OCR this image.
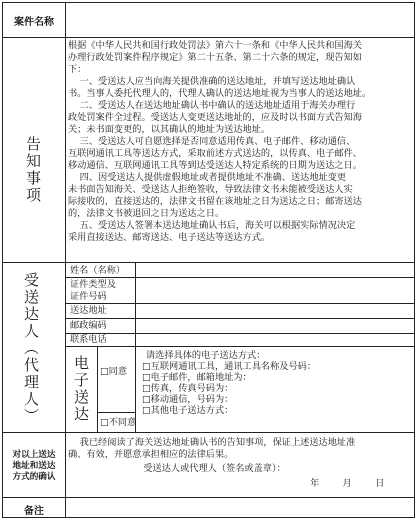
案件名称
告知事项
根据《中华人民共和国行政处罚法》第六十一条和《中华人民共和国海关
办理行政处罚案件程序规定》第二十五条、第二十六条的规定，现告知如
下：
一、受送达人应当向海关提供准确的送达地址，并填写送达地址确认
书。当事人委托代理人的，代理人确认的送达地址视为当事人的送达地址。
二、受送达人在送达地址确认书中确认的送达地址适用于海关办理行
政处罚案件全过程。受送达人变更送达地址的，应及时以书面方式告知海
关；未书面变更的，以其确认的地址为送达地址。
三、受送达人可自愿选择是否同意适用传真、电子邮件、移动通信、
互联网通讯工具等送达方式，采取前述方式送达的，以传真、电子邮件、
移动通信、互联网通讯工具等到达受送达人特定系统的日期为送达之日。
四、因受送达人提供虚假地址或者提供地址不准确、送达地址变更
未书面告知海关、受送达人拒绝签收，导致法律文书未能被受送达人实
际接收的，直接送达的，法律文书留在该地址之日为送达之日；邮寄送达
的，法律文书被退回之日为送达之日。
五、受送达人签署本送达地址确认书后，海关可以根据实际情况决定
采用直接送达、邮寄送达、电子送达等送达方式。
受送达人（代理人）
姓名（名称）
证件类型及
证件号码
送达地址
邮政编码
联系电话
电子送达 □同意
□不同意
请选择具体的电子送达方式：
□互联网通讯工具，通讯工具名称及号码：
□电子邮件，邮箱地址为：
□传真，传真号码为：
□移动通信，号码为：
□其他电子送达方式：
对以上送达
地址和送达
方式的确认
我已经阅读了海关送达地址确认书的告知事项，保证上述送达地址准
确、有效，并愿意承担相应的法律后果。
受送达人或代理人（签名或盖章）：
年        月        日
备注
